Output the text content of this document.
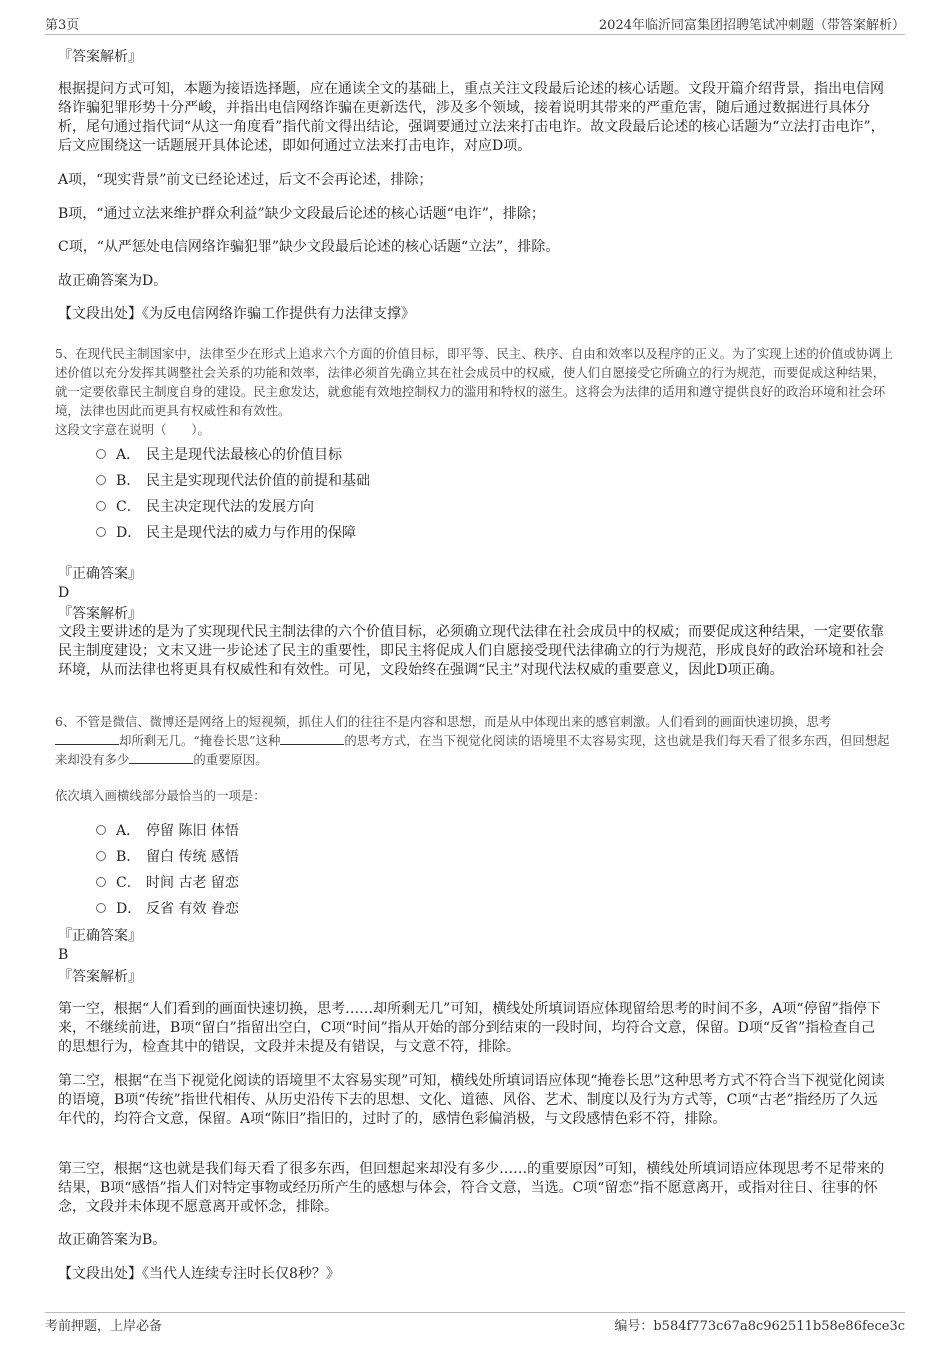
第3页	2024年临沂同富集团招聘笔试冲刺题（带答案解析）
『答案解析』

根据提问方式可知，本题为接语选择题，应在通读全文的基础上，重点关注文段最后论述的核心话题。文段开篇介绍背景，指出电信网络诈骗犯罪形势十分严峻，并指出电信网络诈骗在更新迭代，涉及多个领域，接着说明其带来的严重危害，随后通过数据进行具体分析，尾句通过指代词“从这一角度看”指代前文得出结论，强调要通过立法来打击电诈。故文段最后论述的核心话题为“立法打击电诈”，后文应围绕这一话题展开具体论述，即如何通过立法来打击电诈，对应D项。

A项，“现实背景”前文已经论述过，后文不会再论述，排除；

B项，“通过立法来维护群众利益”缺少文段最后论述的核心话题“电诈”，排除；

C项，“从严惩处电信网络诈骗犯罪”缺少文段最后论述的核心话题“立法”，排除。

故正确答案为D。

【文段出处】《为反电信网络诈骗工作提供有力法律支撑》

5、在现代民主制国家中，法律至少在形式上追求六个方面的价值目标，即平等、民主、秩序、自由和效率以及程序的正义。为了实现上述的价值或协调上述价值以充分发挥其调整社会关系的功能和效率，法律必须首先确立其在社会成员中的权威，使人们自愿接受它所确立的行为规范，而要促成这种结果，就一定要依靠民主制度自身的建设。民主愈发达，就愈能有效地控制权力的滥用和特权的滋生。这将会为法律的适用和遵守提供良好的政治环境和社会环境，法律也因此而更具有权威性和有效性。

这段文字意在说明（　　）。

A． 民主是现代法最核心的价值目标
B． 民主是实现现代法价值的前提和基础
C． 民主决定现代法的发展方向
D． 民主是现代法的威力与作用的保障
『正确答案』
D
『答案解析』

文段主要讲述的是为了实现现代民主制法律的六个价值目标，必须确立现代法律在社会成员中的权威；而要促成这种结果，一定要依靠民主制度建设；文末又进一步论述了民主的重要性，即民主将促成人们自愿接受现代法律确立的行为规范，形成良好的政治环境和社会环境，从而法律也将更具有权威性和有效性。可见，文段始终在强调“民主”对现代法权威的重要意义，因此D项正确。

6、不管是微信、微博还是网络上的短视频，抓住人们的往往不是内容和思想，而是从中体现出来的感官刺激。人们看到的画面快速切换，思考却所剩无几。“掩卷长思”这种	的思考方式，在当下视觉化阅读的语境里不太容易实现，这也就是我们每天看了很多东西，但回想起来却没有多少	的重要原因。

依次填入画横线部分最恰当的一项是：

A． 停留 陈旧 体悟
B． 留白 传统 感悟
C． 时间 古老 留恋
D． 反省 有效 眷恋
『正确答案』
B
『答案解析』

第一空，根据“人们看到的画面快速切换，思考……却所剩无几”可知，横线处所填词语应体现留给思考的时间不多，A项“停留”指停下来，不继续前进，B项“留白”指留出空白，C项“时间”指从开始的部分到结束的一段时间，均符合文意，保留。D项“反省”指检查自己的思想行为，检查其中的错误，文段并未提及有错误，与文意不符，排除。

第二空，根据“在当下视觉化阅读的语境里不太容易实现”可知，横线处所填词语应体现“掩卷长思”这种思考方式不符合当下视觉化阅读的语境，B项“传统”指世代相传、从历史沿传下去的思想、文化、道德、风俗、艺术、制度以及行为方式等，C项“古老”指经历了久远年代的，均符合文意，保留。A项“陈旧”指旧的，过时了的，感情色彩偏消极，与文段感情色彩不符，排除。

第三空，根据“这也就是我们每天看了很多东西，但回想起来却没有多少……的重要原因”可知，横线处所填词语应体现思考不足带来的结果，B项“感悟”指人们对特定事物或经历所产生的感想与体会，符合文意，当选。C项“留恋”指不愿意离开，或指对往日、往事的怀念，文段并未体现不愿意离开或怀念，排除。

故正确答案为B。

【文段出处】《当代人连续专注时长仅8秒？》

考前押题，上岸必备	编号：b584f773c67a8c962511b58e86fece3c
